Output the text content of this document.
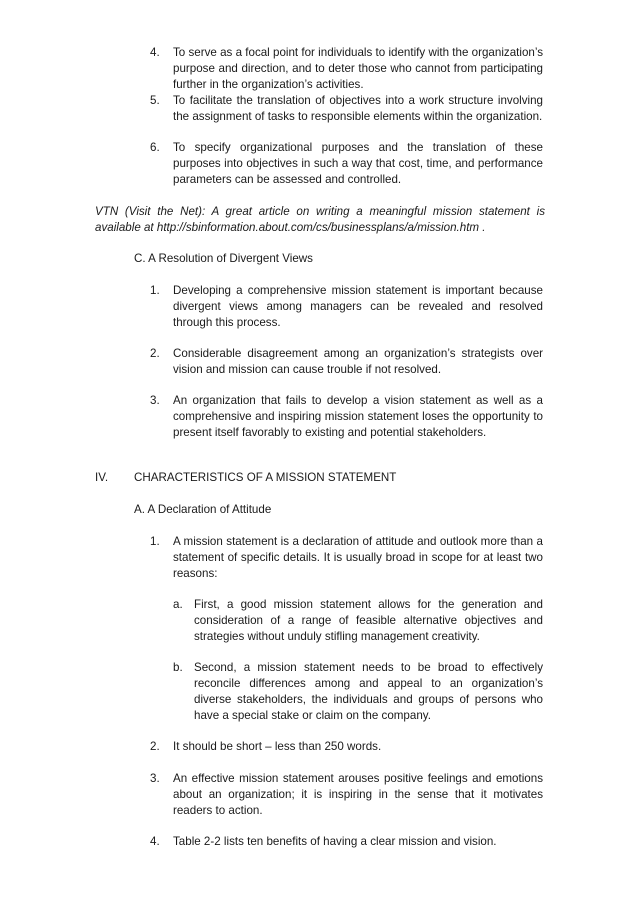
4.	To serve as a focal point for individuals to identify with the organization’s purpose and direction, and to deter those who cannot from participating further in the organization’s activities.
5.	To facilitate the translation of objectives into a work structure involving the assignment of tasks to responsible elements within the organization.
6.	To specify organizational purposes and the translation of these purposes into objectives in such a way that cost, time, and performance parameters can be assessed and controlled.
VTN (Visit the Net): A great article on writing a meaningful mission statement is available at http://sbinformation.about.com/cs/businessplans/a/mission.htm .
C. A Resolution of Divergent Views
1.	Developing a comprehensive mission statement is important because divergent views among managers can be revealed and resolved through this process.
2.	Considerable disagreement among an organization’s strategists over vision and mission can cause trouble if not resolved.
3.	An organization that fails to develop a vision statement as well as a comprehensive and inspiring mission statement loses the opportunity to present itself favorably to existing and potential stakeholders.
IV. CHARACTERISTICS OF A MISSION STATEMENT
A. A Declaration of Attitude
1.	A mission statement is a declaration of attitude and outlook more than a statement of specific details. It is usually broad in scope for at least two reasons:
a. First, a good mission statement allows for the generation and consideration of a range of feasible alternative objectives and strategies without unduly stifling management creativity.
b. Second, a mission statement needs to be broad to effectively reconcile differences among and appeal to an organization’s diverse stakeholders, the individuals and groups of persons who have a special stake or claim on the company.
2.	It should be short – less than 250 words.
3.	An effective mission statement arouses positive feelings and emotions about an organization; it is inspiring in the sense that it motivates readers to action.
4.	Table 2-2 lists ten benefits of having a clear mission and vision.
